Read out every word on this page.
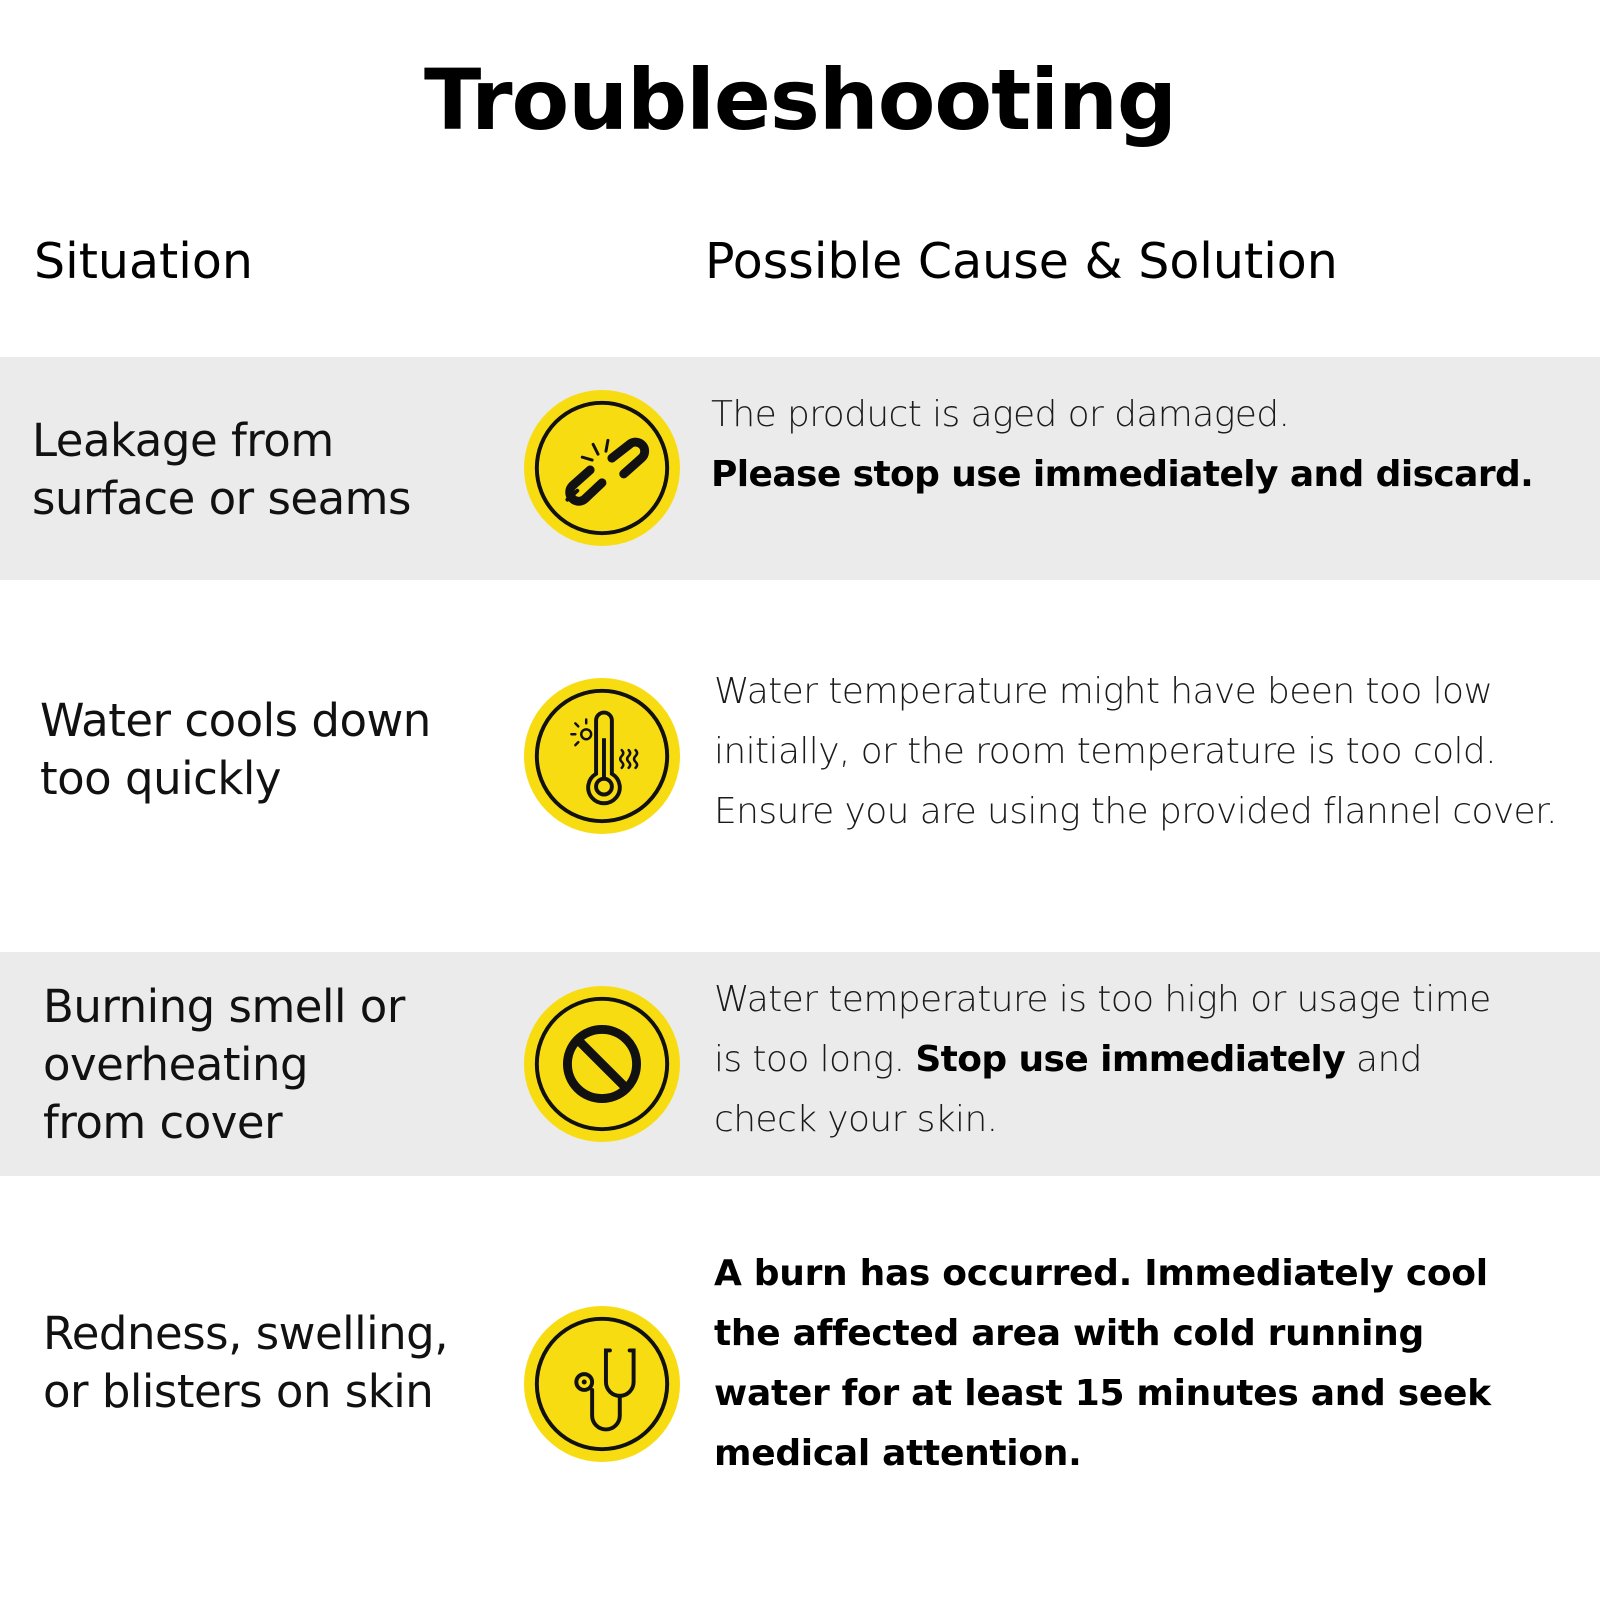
Troubleshooting
Situation	Possible Cause & Solution
Leakage from
surface or seams
The product is aged or damaged.
Please stop use immediately and discard.
Water cools down
too quickly
Water temperature might have been too low
initially, or the room temperature is too cold.
Ensure you are using the provided flannel cover.
Burning smell or
overheating
from cover
Water temperature is too high or usage time
is too long. Stop use immediately and
check your skin.
Redness, swelling,
or blisters on skin
A burn has occurred. Immediately cool
the affected area with cold running
water for at least 15 minutes and seek
medical attention.
